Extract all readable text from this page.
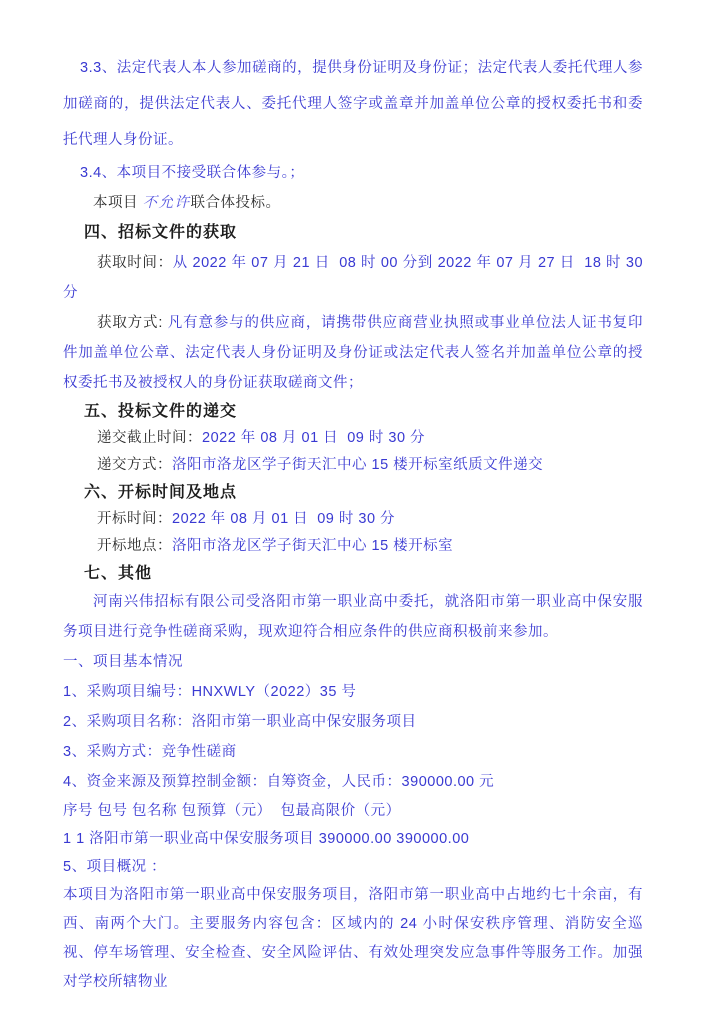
3.3、法定代表人本人参加磋商的，提供身份证明及身份证；法定代表人委托代理人参加磋商的，提供法定代表人、委托代理人签字或盖章并加盖单位公章的授权委托书和委托代理人身份证。

3.4、本项目不接受联合体参与。；

本项目 不允许联合体投标。

四、招标文件的获取

获取时间：从 2022 年 07 月 21 日  08 时 00 分到 2022 年 07 月 27 日  18 时 30 分

获取方式: 凡有意参与的供应商，请携带供应商营业执照或事业单位法人证书复印件加盖单位公章、法定代表人身份证明及身份证或法定代表人签名并加盖单位公章的授权委托书及被授权人的身份证获取磋商文件；

五、投标文件的递交

递交截止时间：2022 年 08 月 01 日  09 时 30 分

递交方式：洛阳市洛龙区学子街天汇中心 15 楼开标室纸质文件递交

六、开标时间及地点

开标时间：2022 年 08 月 01 日  09 时 30 分

开标地点：洛阳市洛龙区学子街天汇中心 15 楼开标室

七、其他

河南兴伟招标有限公司受洛阳市第一职业高中委托，就洛阳市第一职业高中保安服务项目进行竞争性磋商采购，现欢迎符合相应条件的供应商积极前来参加。

一、项目基本情况

1、采购项目编号：HNXWLY（2022）35 号

2、采购项目名称：洛阳市第一职业高中保安服务项目

3、采购方式：竞争性磋商

4、资金来源及预算控制金额：自筹资金，人民币：390000.00 元

序号 包号 包名称 包预算（元）  包最高限价（元）

1 1 洛阳市第一职业高中保安服务项目 390000.00 390000.00

5、项目概况 ：

本项目为洛阳市第一职业高中保安服务项目，洛阳市第一职业高中占地约七十余亩，有西、南两个大门。主要服务内容包含：区域内的 24 小时保安秩序管理、消防安全巡视、停车场管理、安全检查、安全风险评估、有效处理突发应急事件等服务工作。加强对学校所辖物业
